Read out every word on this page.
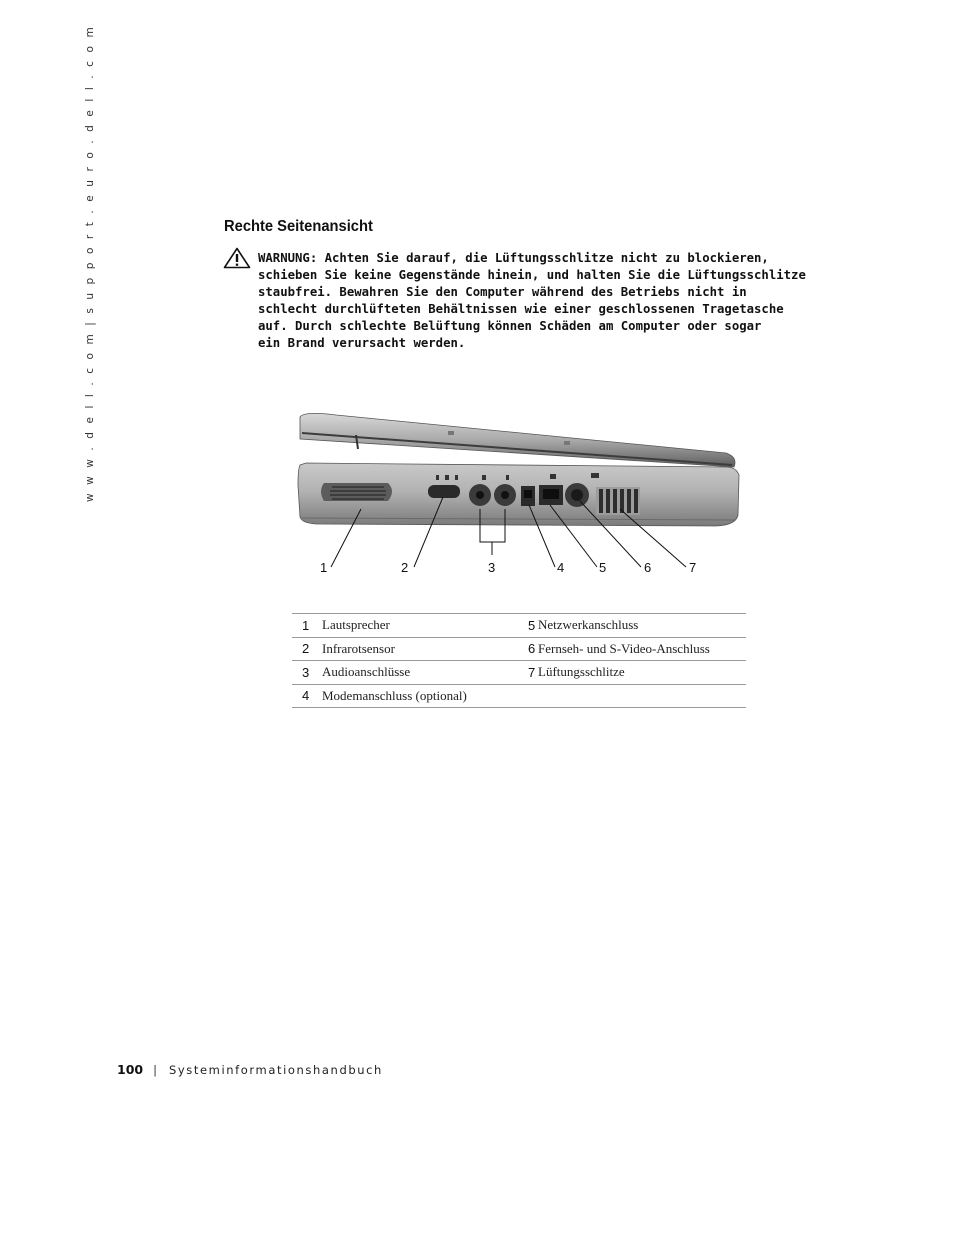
w w w . d e l l . c o m | s u p p o r t . e u r o . d e l l . c o m	Rechte Seitenansicht

WARNUNG: Achten Sie darauf, die Lüftungsschlitze nicht zu blockieren,

schieben Sie keine Gegenstände hinein, und halten Sie die Lüftungsschlitze

staubfrei. Bewahren Sie den Computer während des Betriebs nicht in

schlecht durchlüfteten Behältnissen wie einer geschlossenen Tragetasche

auf. Durch schlechte Belüftung können Schäden am Computer oder sogar

ein Brand verursacht werden.

1	2	3	4	5	6	7
1	Lautsprecher	5	Netzwerkanschluss
2	Infrarotsensor	6	Fernseh- und S-Video-Anschluss
3	Audioanschlüsse	7	Lüftungsschlitze
4	Modemanschluss (optional)		
100 | Systeminformationshandbuch
